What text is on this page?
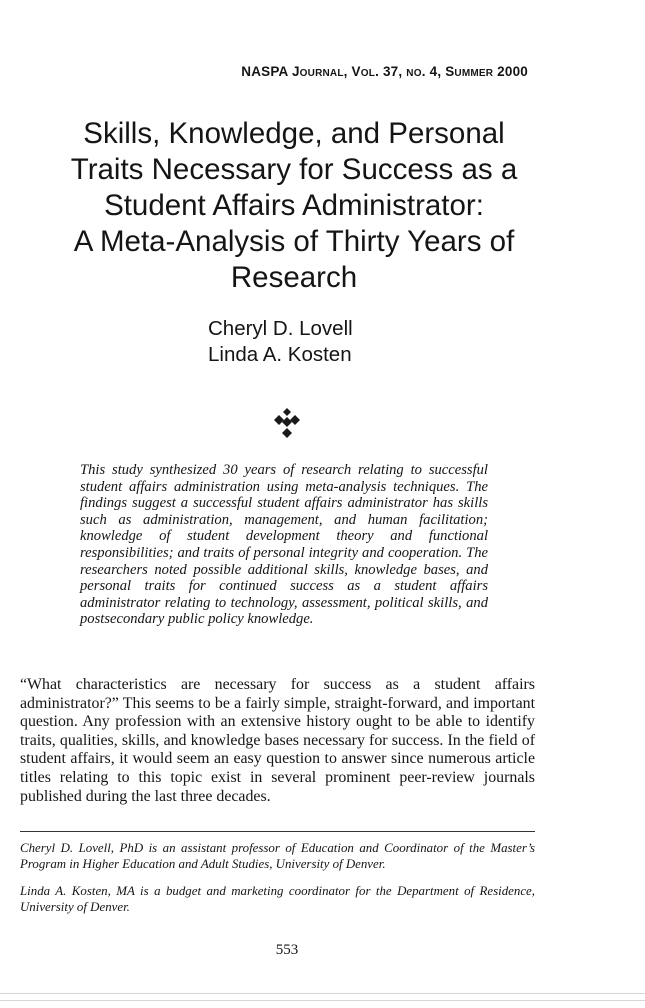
NASPA JOURNAL, VOL. 37, NO. 4, SUMMER 2000
Skills, Knowledge, and Personal
Traits Necessary for Success as a
Student Affairs Administrator:
A Meta-Analysis of Thirty Years of
Research
Cheryl D. Lovell
Linda A. Kosten

This study synthesized 30 years of research relating to successful student affairs administration using meta-analysis techniques. The findings suggest a successful student affairs administrator has skills such as administration, management, and human facilitation; knowledge of student development theory and functional responsibilities; and traits of personal integrity and cooperation. The researchers noted possible additional skills, knowledge bases, and personal traits for continued success as a student affairs administrator relating to technology, assessment, political skills, and postsecondary public policy knowledge.

“What characteristics are necessary for success as a student affairs administrator?” This seems to be a fairly simple, straight-forward, and important question. Any profession with an extensive history ought to be able to identify traits, qualities, skills, and knowledge bases necessary for success. In the field of student affairs, it would seem an easy question to answer since numerous article titles relating to this topic exist in several prominent peer-review journals published during the last three decades.

Cheryl D. Lovell, PhD is an assistant professor of Education and Coordinator of the Master’s Program in Higher Education and Adult Studies, University of Denver.

Linda A. Kosten, MA is a budget and marketing coordinator for the Department of Residence, University of Denver.

553
